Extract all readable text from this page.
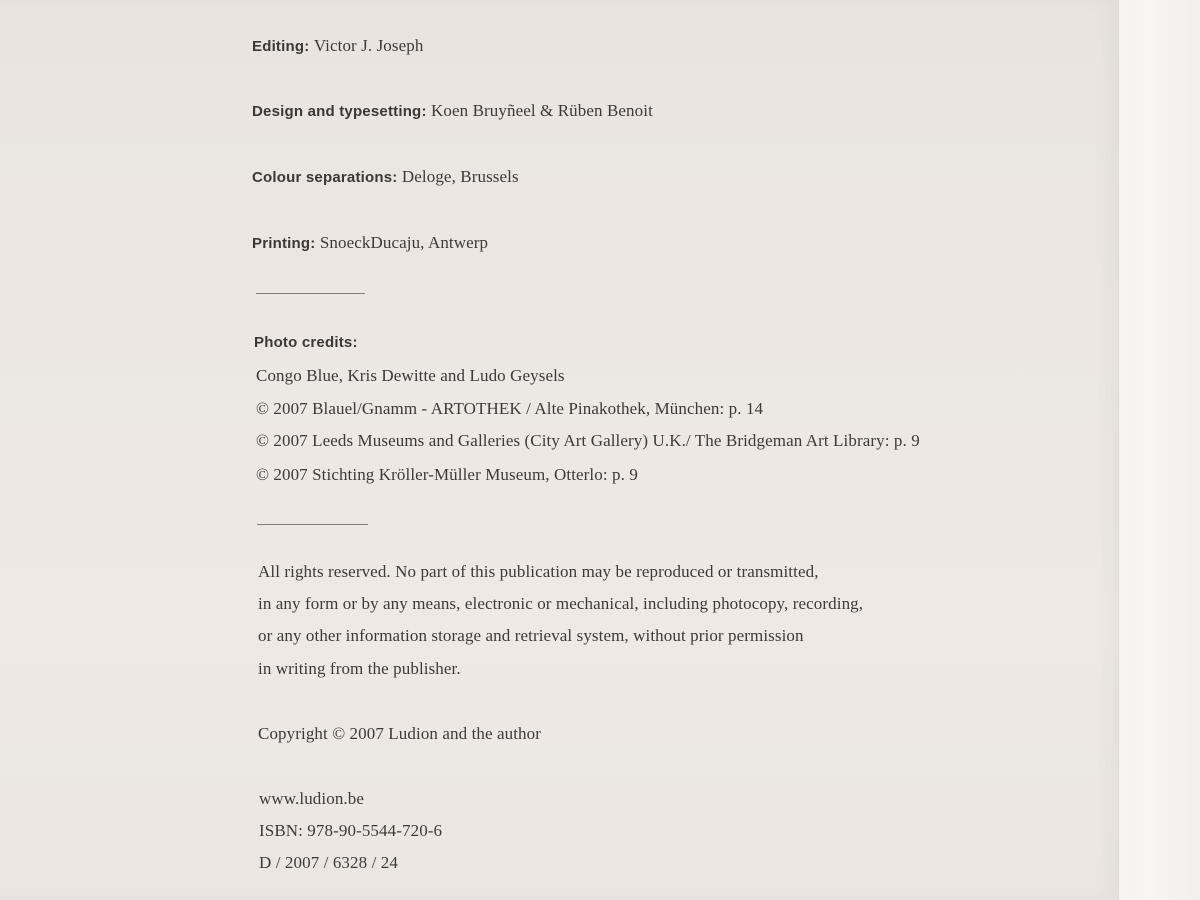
Editing: Victor J. Joseph
Design and typesetting: Koen Bruyñeel & Rüben Benoit
Colour separations: Deloge, Brussels
Printing: SnoeckDucaju, Antwerp
Photo credits:
Congo Blue, Kris Dewitte and Ludo Geysels
© 2007 Blauel/Gnamm - ARTOTHEK / Alte Pinakothek, München: p. 14
© 2007 Leeds Museums and Galleries (City Art Gallery) U.K./ The Bridgeman Art Library: p. 9
© 2007 Stichting Kröller-Müller Museum, Otterlo: p. 9
All rights reserved. No part of this publication may be reproduced or transmitted,
in any form or by any means, electronic or mechanical, including photocopy, recording,
or any other information storage and retrieval system, without prior permission
in writing from the publisher.
Copyright © 2007 Ludion and the author
www.ludion.be
ISBN: 978-90-5544-720-6
D / 2007 / 6328 / 24
